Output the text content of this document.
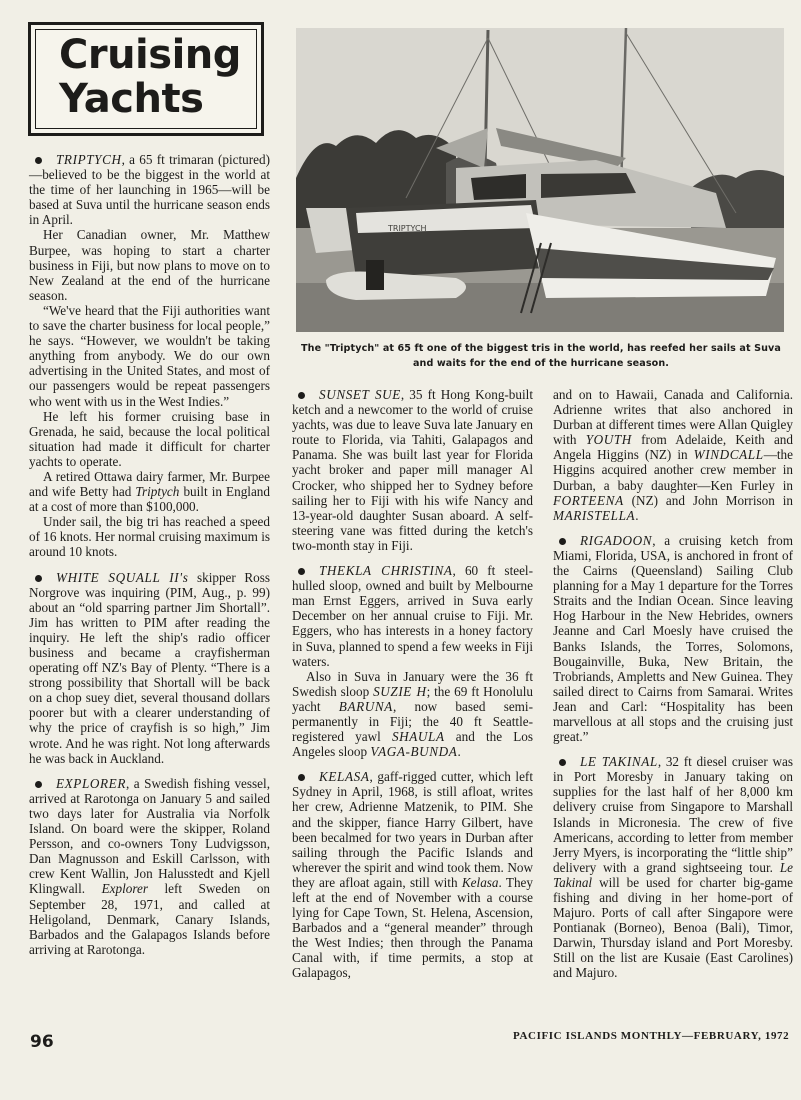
Cruising
Yachts
TRIPTYCH
The "Triptych" at 65 ft one of the biggest tris in the world, has reefed her sails at Suva and waits for the end of the hurricane season.

TRIPTYCH, a 65 ft trimaran (pictured)—believed to be the biggest in the world at the time of her launching in 1965—will be based at Suva until the hurricane season ends in April.

Her Canadian owner, Mr. Matthew Burpee, was hoping to start a charter business in Fiji, but now plans to move on to New Zealand at the end of the hurricane season.

“We've heard that the Fiji authorities want to save the charter business for local people,” he says. “However, we wouldn't be taking anything from anybody. We do our own advertising in the United States, and most of our passengers would be repeat passengers who went with us in the West Indies.”

He left his former cruising base in Grenada, he said, because the local political situation had made it difficult for charter yachts to operate.

A retired Ottawa dairy farmer, Mr. Burpee and wife Betty had Triptych built in England at a cost of more than $100,000.

Under sail, the big tri has reached a speed of 16 knots. Her normal cruising maximum is around 10 knots.

WHITE SQUALL II's skipper Ross Norgrove was inquiring (PIM, Aug., p. 99) about an “old sparring partner Jim Shortall”. Jim has written to PIM after reading the inquiry. He left the ship's radio officer business and became a crayfisherman operating off NZ's Bay of Plenty. “There is a strong possibility that Shortall will be back on a chop suey diet, several thousand dollars poorer but with a clearer understanding of why the price of crayfish is so high,” Jim wrote. And he was right. Not long afterwards he was back in Auckland.

EXPLORER, a Swedish fishing vessel, arrived at Rarotonga on January 5 and sailed two days later for Australia via Norfolk Island. On board were the skipper, Roland Persson, and co-owners Tony Ludvigsson, Dan Magnusson and Eskill Carlsson, with crew Kent Wallin, Jon Halusstedt and Kjell Klingwall. Explorer left Sweden on September 28, 1971, and called at Heligoland, Denmark, Canary Islands, Barbados and the Galapagos Islands before arriving at Rarotonga.

SUNSET SUE, 35 ft Hong Kong-built ketch and a newcomer to the world of cruise yachts, was due to leave Suva late January en route to Florida, via Tahiti, Galapagos and Panama. She was built last year for Florida yacht broker and paper mill manager Al Crocker, who shipped her to Sydney before sailing her to Fiji with his wife Nancy and 13-year-old daughter Susan aboard. A self-steering vane was fitted during the ketch's two-month stay in Fiji.

THEKLA CHRISTINA, 60 ft steel-hulled sloop, owned and built by Melbourne man Ernst Eggers, arrived in Suva early December on her annual cruise to Fiji. Mr. Eggers, who has interests in a honey factory in Suva, planned to spend a few weeks in Fiji waters.

Also in Suva in January were the 36 ft Swedish sloop SUZIE H; the 69 ft Honolulu yacht BARUNA, now based semi-permanently in Fiji; the 40 ft Seattle-registered yawl SHAULA and the Los Angeles sloop VAGA-BUNDA.

KELASA, gaff-rigged cutter, which left Sydney in April, 1968, is still afloat, writes her crew, Adrienne Matzenik, to PIM. She and the skipper, fiance Harry Gilbert, have been becalmed for two years in Durban after sailing through the Pacific Islands and wherever the spirit and wind took them. Now they are afloat again, still with Kelasa. They left at the end of November with a course lying for Cape Town, St. Helena, Ascension, Barbados and a “general meander” through the West Indies; then through the Panama Canal with, if time permits, a stop at Galapagos,

and on to Hawaii, Canada and California. Adrienne writes that also anchored in Durban at different times were Allan Quigley with YOUTH from Adelaide, Keith and Angela Higgins (NZ) in WINDCALL—the Higgins acquired another crew member in Durban, a baby daughter—Ken Furley in FORTEENA (NZ) and John Morrison in MARISTELLA.

RIGADOON, a cruising ketch from Miami, Florida, USA, is anchored in front of the Cairns (Queensland) Sailing Club planning for a May 1 departure for the Torres Straits and the Indian Ocean. Since leaving Hog Harbour in the New Hebrides, owners Jeanne and Carl Moesly have cruised the Banks Islands, the Torres, Solomons, Bougainville, Buka, New Britain, the Trobriands, Ampletts and New Guinea. They sailed direct to Cairns from Samarai. Writes Jean and Carl: “Hospitality has been marvellous at all stops and the cruising just great.”

LE TAKINAL, 32 ft diesel cruiser was in Port Moresby in January taking on supplies for the last half of her 8,000 km delivery cruise from Singapore to Marshall Islands in Micronesia. The crew of five Americans, according to letter from member Jerry Myers, is incorporating the “little ship” delivery with a grand sightseeing tour. Le Takinal will be used for charter big-game fishing and diving in her home-port of Majuro. Ports of call after Singapore were Pontianak (Borneo), Benoa (Bali), Timor, Darwin, Thursday island and Port Moresby. Still on the list are Kusaie (East Carolines) and Majuro.

96	PACIFIC ISLANDS MONTHLY—FEBRUARY, 1972
